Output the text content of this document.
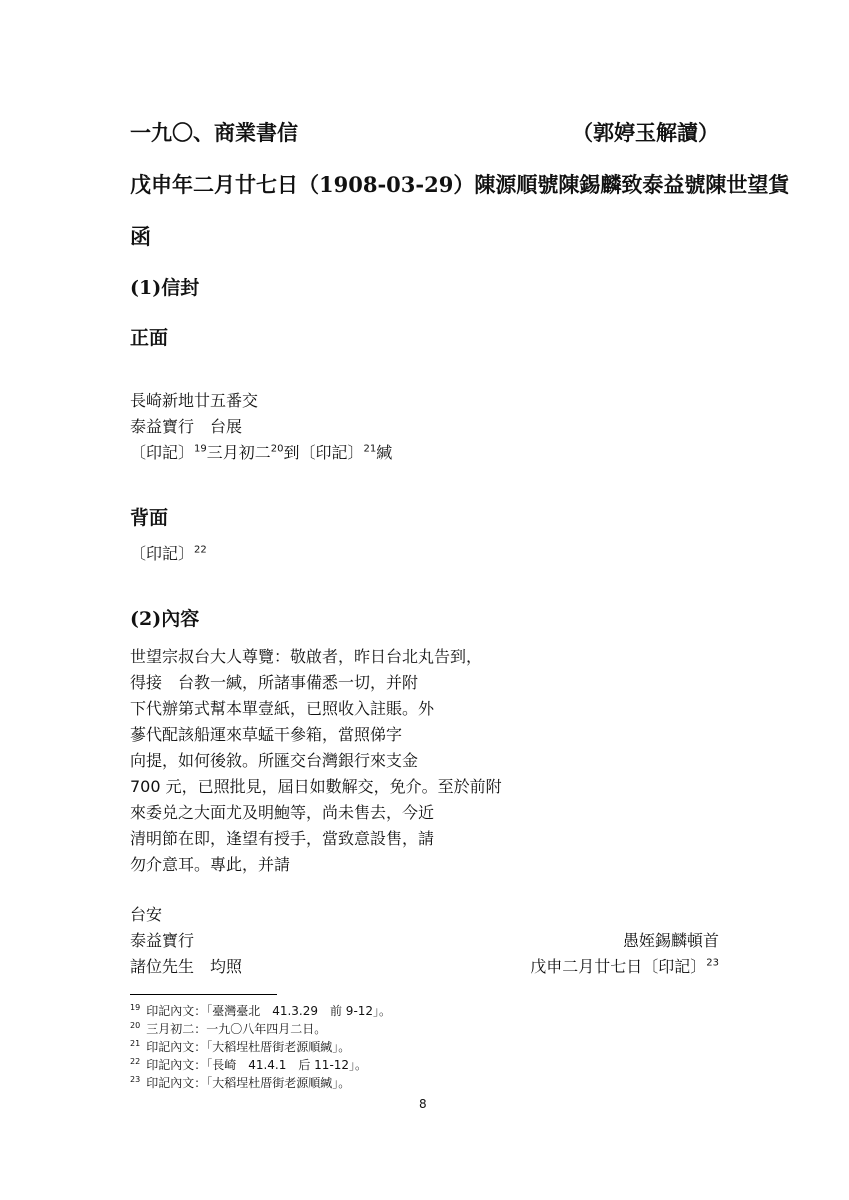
一九〇、商業書信	（郭婷玉解讀）
戊申年二月廿七日（1908-03-29）陳源順號陳錫麟致泰益號陳世望貨
函
(1)信封
正面
長崎新地廿五番交
泰益寶行　台展
〔印記〕$^{19}$三月初二$^{20}$到〔印記〕$^{21}$緘
背面
〔印記〕$^{22}$
(2)內容
世望宗叔台大人尊覽：敬啟者，昨日台北丸告到，
得接　台教一緘，所諸事備悉一切，并附
下代辦第式幫本單壹紙，已照收入註賬。外
蔘代配該船運來草蜢干參箱，當照俤字
向提，如何後敘。所匯交台灣銀行來支金
700 元，已照批見，屆日如數解交，免介。至於前附
來委兑之大面尤及明鮑等，尚未售去，今近
清明節在即，逢望有授手，當致意設售，請
勿介意耳。專此，并請
台安
泰益寶行	愚姪錫麟頓首
諸位先生　均照	戊申二月廿七日〔印記〕$^{23}$
$^{19}$ 印記內文：「臺灣臺北　41.3.29　前 9-12」。
$^{20}$ 三月初二：一九〇八年四月二日。
$^{21}$ 印記內文：「大稻埕杜厝街老源順緘」。
$^{22}$ 印記內文：「長崎　41.4.1　后 11-12」。
$^{23}$ 印記內文：「大稻埕杜厝街老源順緘」。
8
